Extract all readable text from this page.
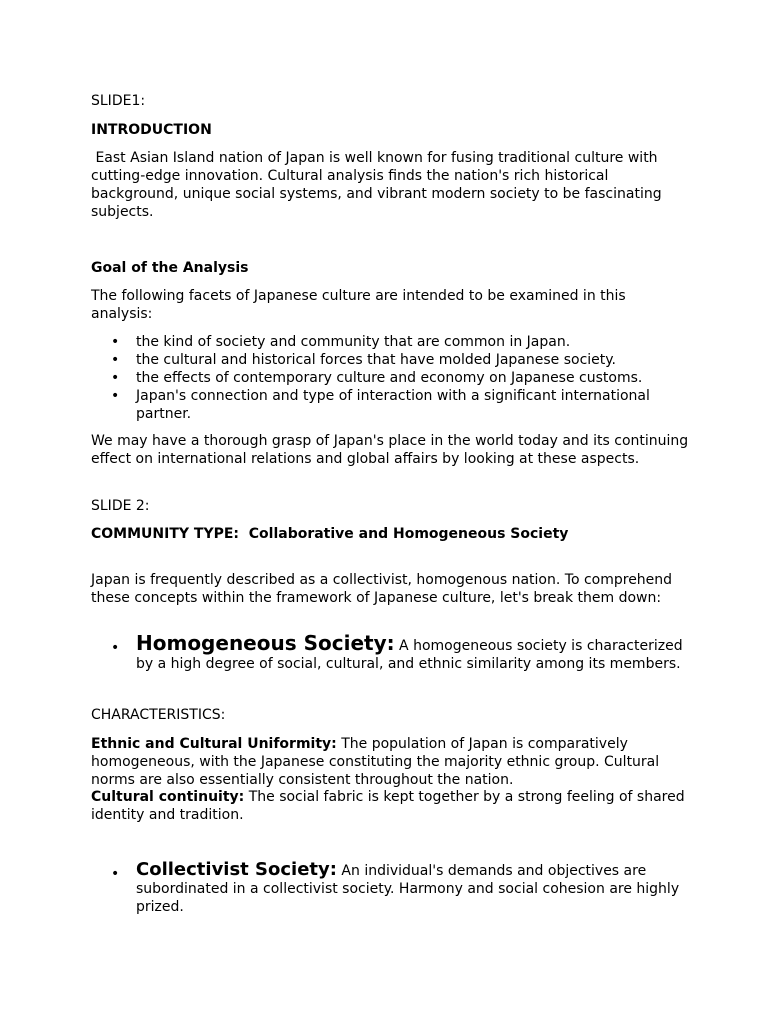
SLIDE1:

INTRODUCTION

East Asian Island nation of Japan is well known for fusing traditional culture with cutting-edge innovation. Cultural analysis finds the nation's rich historical background, unique social systems, and vibrant modern society to be fascinating subjects.

Goal of the Analysis

The following facets of Japanese culture are intended to be examined in this analysis:

• the kind of society and community that are common in Japan.
• the cultural and historical forces that have molded Japanese society.
• the effects of contemporary culture and economy on Japanese customs.
• Japan's connection and type of interaction with a significant international partner.

We may have a thorough grasp of Japan's place in the world today and its continuing effect on international relations and global affairs by looking at these aspects.

SLIDE 2:

COMMUNITY TYPE:  Collaborative and Homogeneous Society

Japan is frequently described as a collectivist, homogenous nation. To comprehend these concepts within the framework of Japanese culture, let's break them down:

• Homogeneous Society: A homogeneous society is characterized by a high degree of social, cultural, and ethnic similarity among its members.

CHARACTERISTICS:

Ethnic and Cultural Uniformity: The population of Japan is comparatively homogeneous, with the Japanese constituting the majority ethnic group. Cultural norms are also essentially consistent throughout the nation.

Cultural continuity: The social fabric is kept together by a strong feeling of shared identity and tradition.

• Collectivist Society: An individual's demands and objectives are subordinated in a collectivist society. Harmony and social cohesion are highly prized.
